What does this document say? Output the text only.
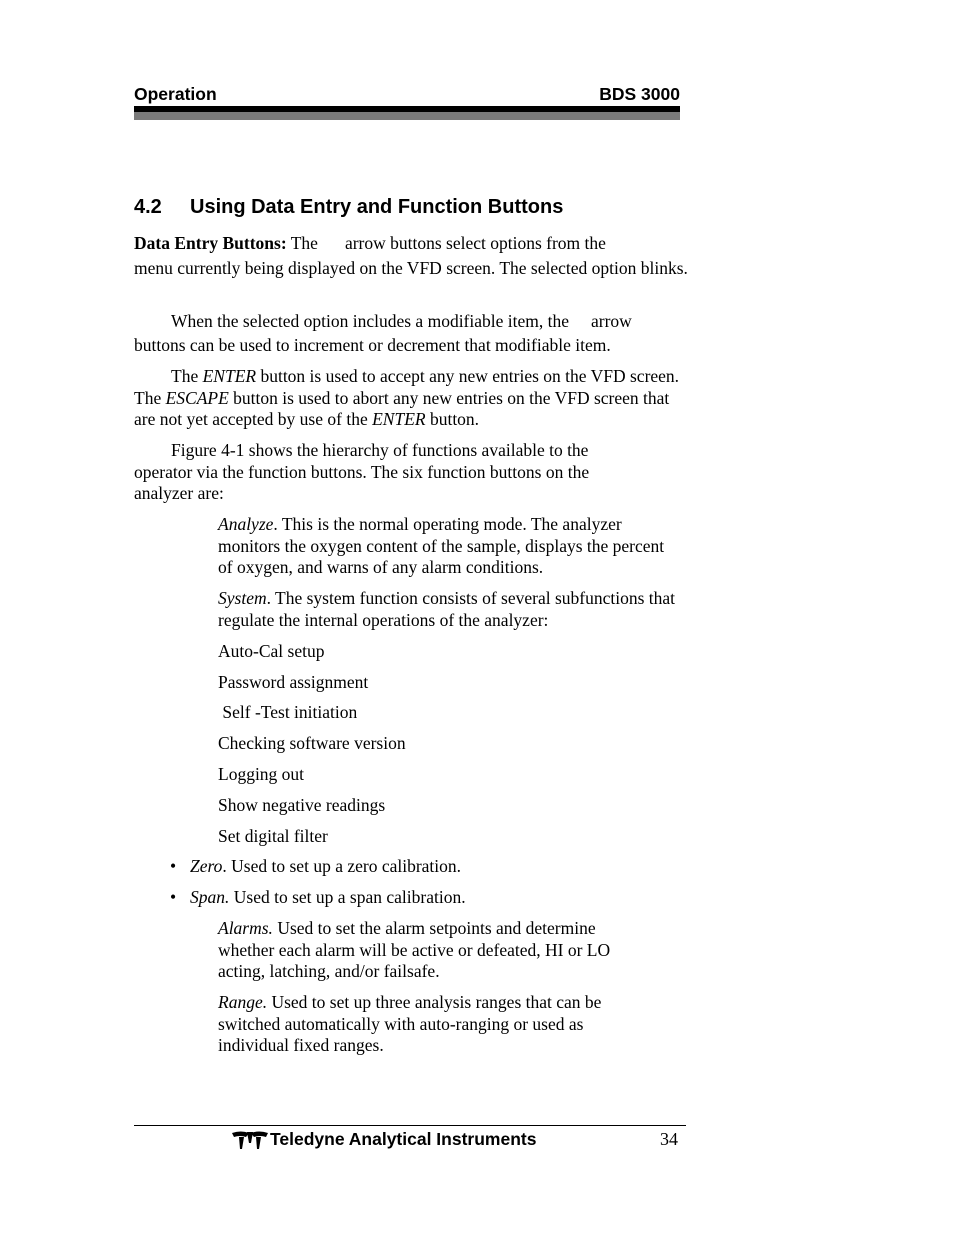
Operation	BDS 3000
4.2 Using Data Entry and Function Buttons

Data Entry Buttons: The arrow buttons select options from the

menu currently being displayed on the VFD screen. The selected option blinks.

When the selected option includes a modifiable item, the arrow

buttons can be used to increment or decrement that modifiable item.

The ENTER button is used to accept any new entries on the VFD screen. The ESCAPE button is used to abort any new entries on the VFD screen that are not yet accepted by use of the ENTER button.

Figure 4-1 shows the hierarchy of functions available to the operator via the function buttons. The six function buttons on the analyzer are:

Analyze. This is the normal operating mode. The analyzer monitors the oxygen content of the sample, displays the percent of oxygen, and warns of any alarm conditions.

System. The system function consists of several subfunctions that regulate the internal operations of the analyzer:

Auto-Cal setup

Password assignment

Self -Test initiation

Checking software version

Logging out

Show negative readings

Set digital filter

• Zero. Used to set up a zero calibration.
• Span. Used to set up a span calibration.

Alarms. Used to set the alarm setpoints and determine whether each alarm will be active or defeated, HI or LO acting, latching, and/or failsafe.

Range. Used to set up three analysis ranges that can be switched automatically with auto-ranging or used as individual fixed ranges.

Teledyne Analytical Instruments	34
